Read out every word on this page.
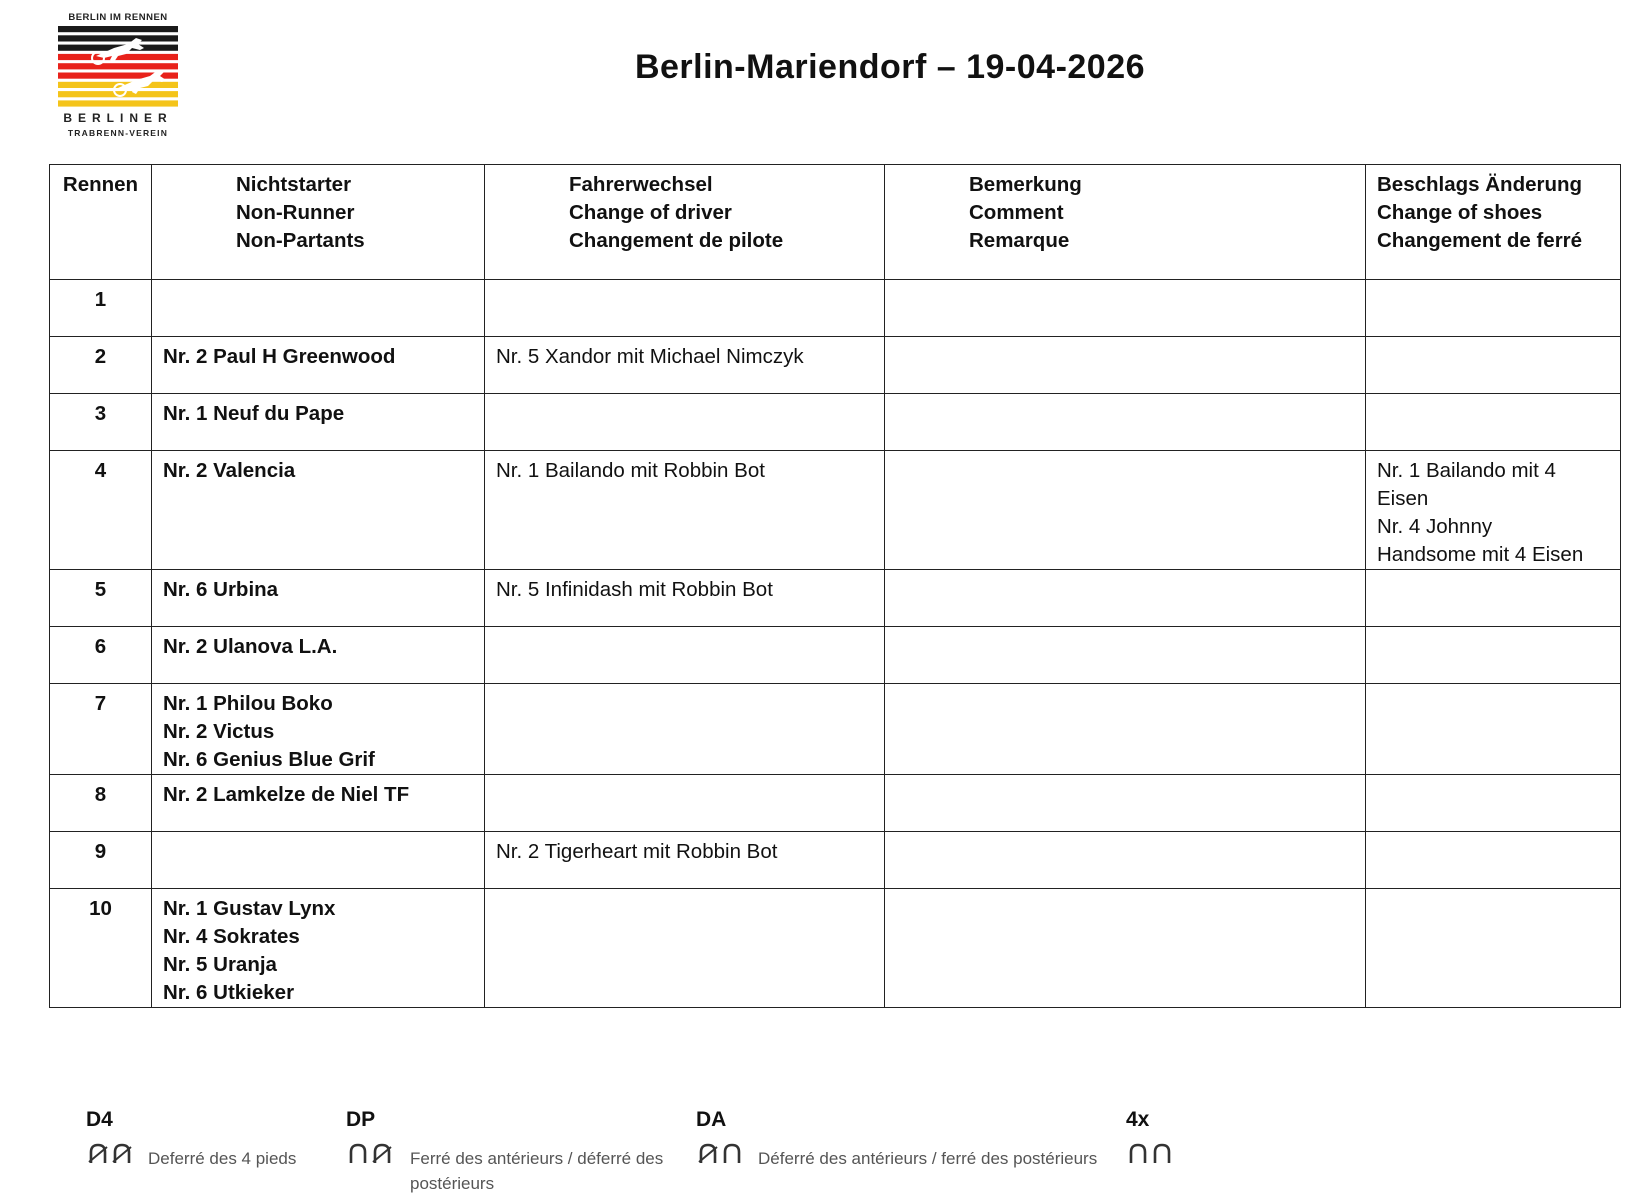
BERLIN IM RENNEN
BERLINER
TRABRENN-VEREIN
Berlin-Mariendorf – 19-04-2026
Rennen	Nichtstarter
Non-Runner
Non-Partants	Fahrerwechsel
Change of driver
Changement de pilote	Bemerkung
Comment
Remarque	Beschlags Änderung
Change of shoes
Changement de ferré

1				
2	Nr. 2 Paul H Greenwood	Nr. 5 Xandor mit Michael Nimczyk		

3	Nr. 1 Neuf du Pape			

4	Nr. 2 Valencia	Nr. 1 Bailando mit Robbin Bot		Nr. 1 Bailando mit 4
Eisen
Nr. 4 Johnny
Handsome mit 4 Eisen

5	Nr. 6 Urbina	Nr. 5 Infinidash mit Robbin Bot		

6	Nr. 2 Ulanova L.A.			

7	Nr. 1 Philou Boko
Nr. 2 Victus
Nr. 6 Genius Blue Grif			

8	Nr. 2 Lamkelze de Niel TF			

9		Nr. 2 Tigerheart mit Robbin Bot		

10	Nr. 1 Gustav Lynx
Nr. 4 Sokrates
Nr. 5 Uranja
Nr. 6 Utkieker			

D4
Deferré des 4 pieds
DP
Ferré des antérieurs / déferré des
postérieurs
DA
Déferré des antérieurs / ferré des postérieurs
4x
